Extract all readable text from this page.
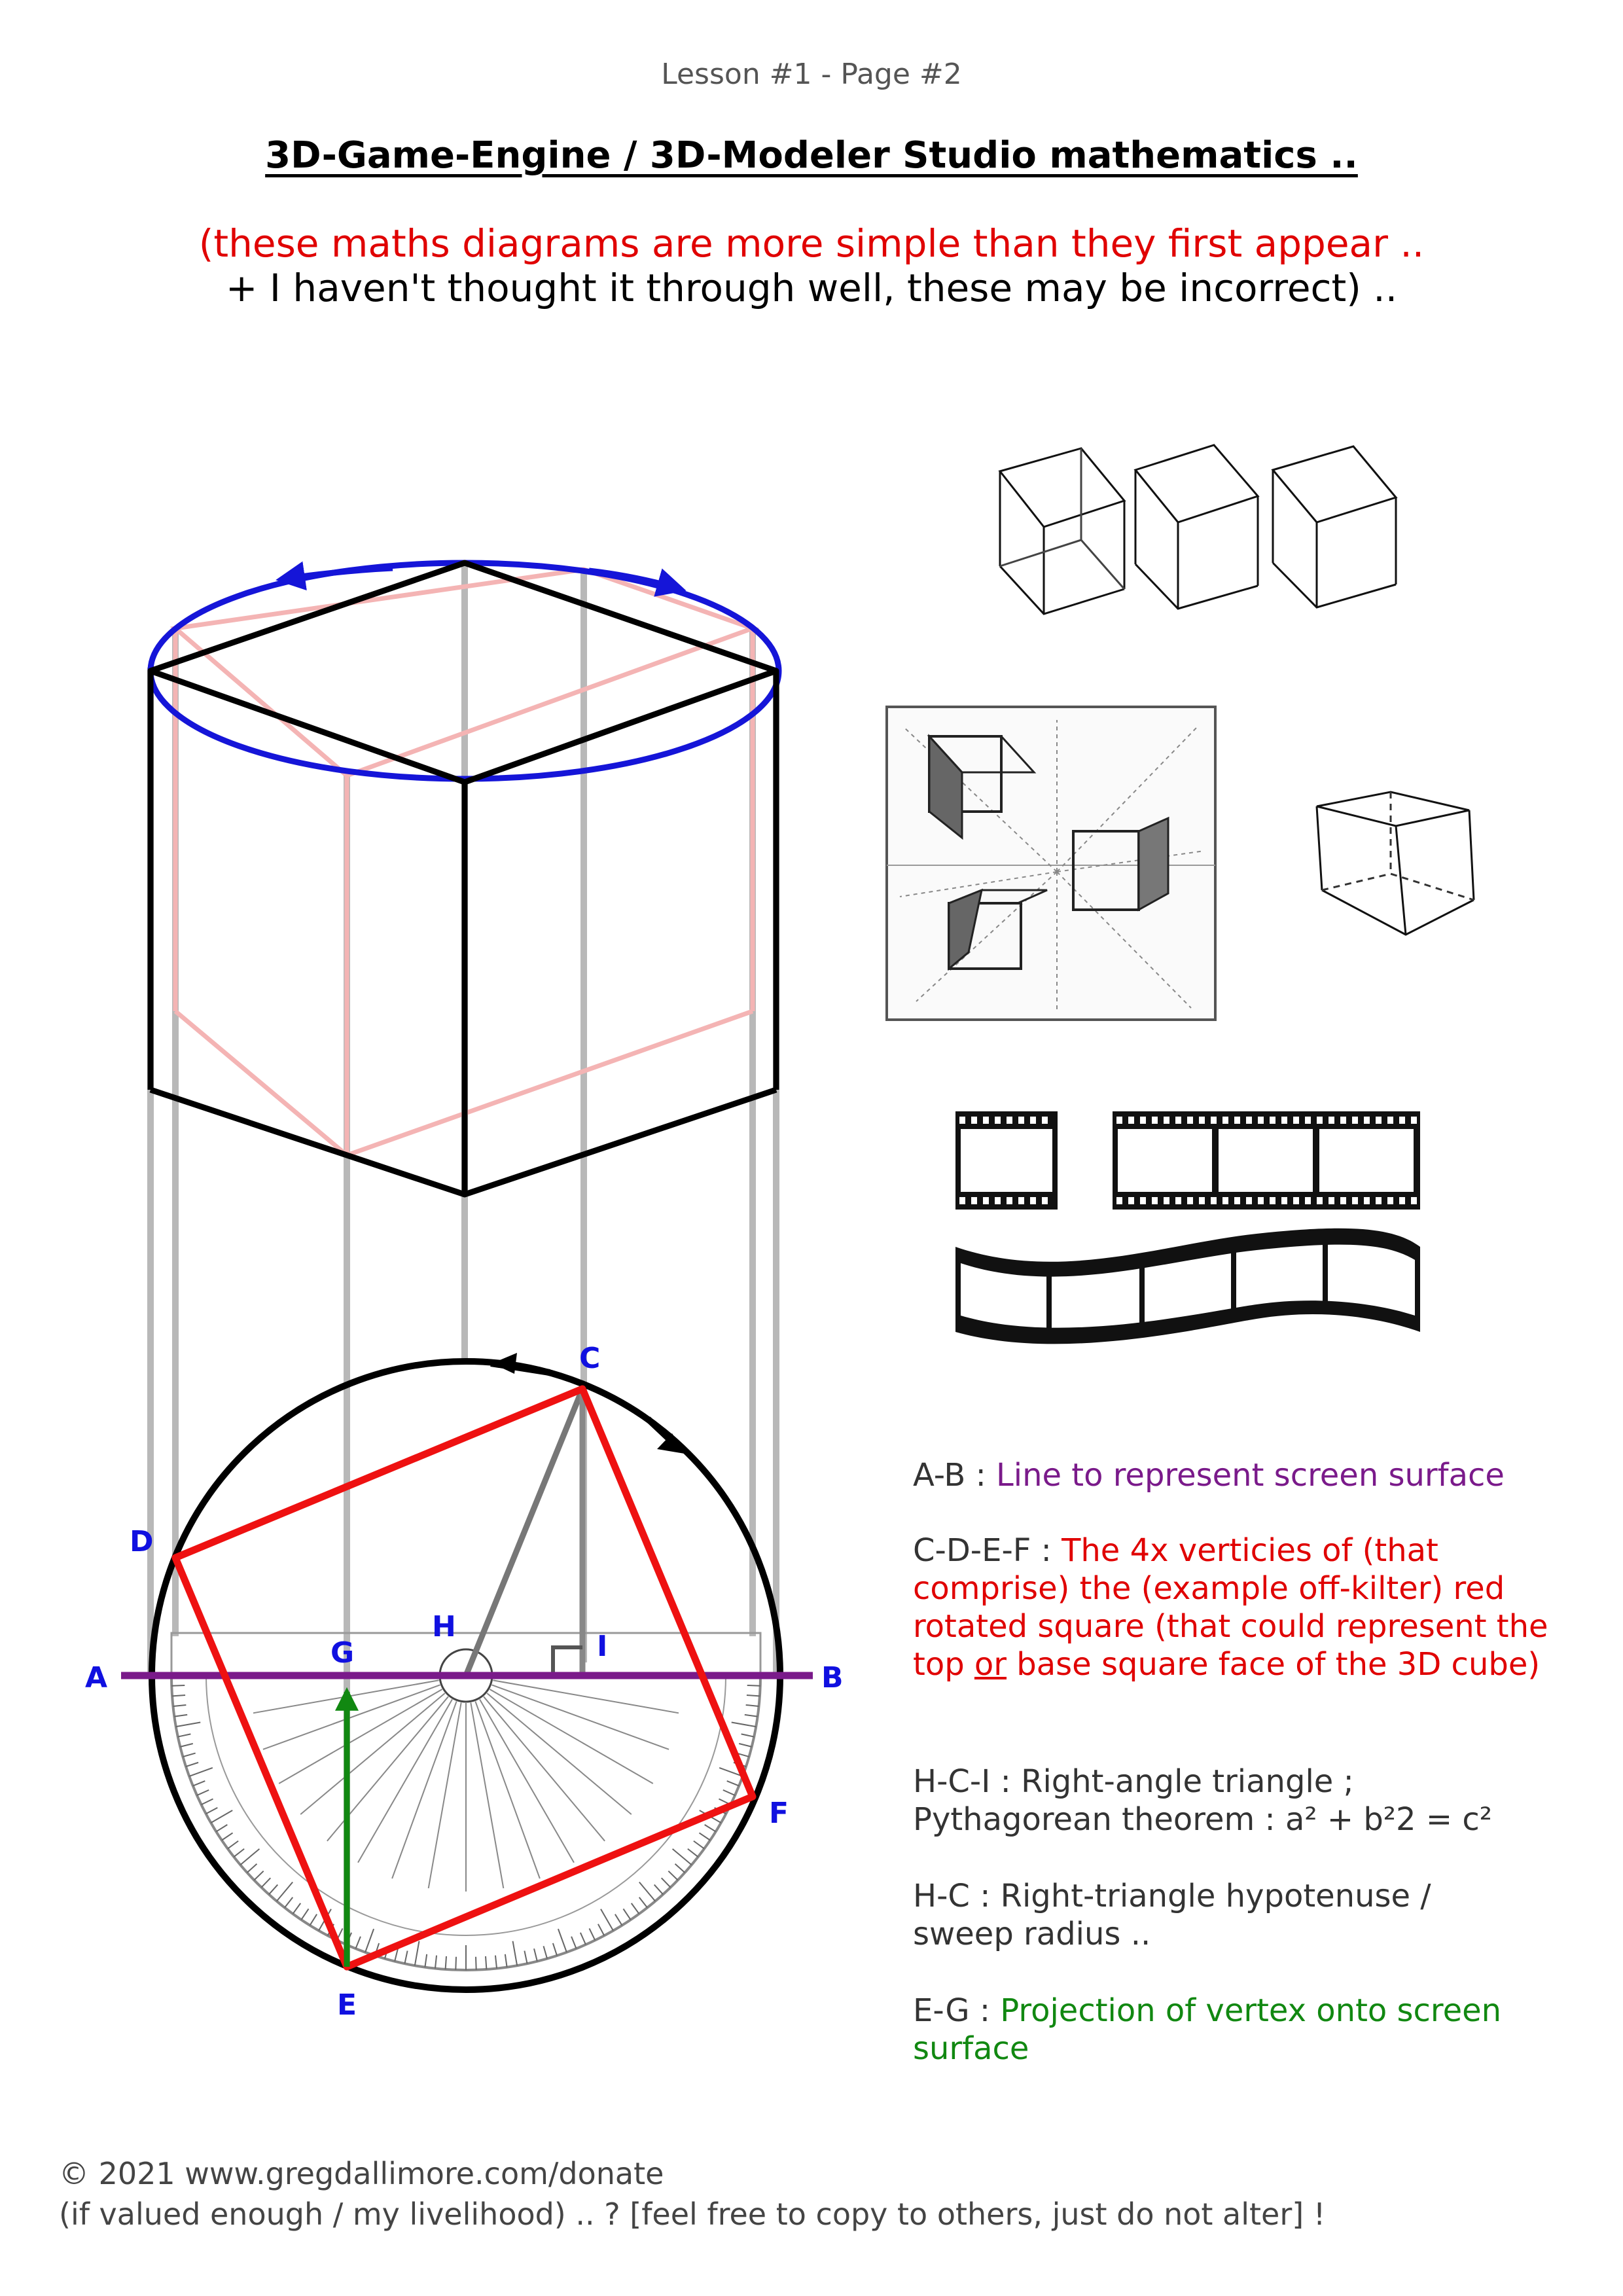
Lesson #1 - Page #2
3D-Game-Engine / 3D-Modeler Studio mathematics ..
(these maths diagrams are more simple than they first appear ..
+ I haven't thought it through well, these may be incorrect) ..
A	B
C
D
E
F
G
H
I
A-B : Line to represent screen surface
C-D-E-F : The 4x verticies of (that comprise) the (example off-kilter) red rotated square (that could represent the top or base square face of the 3D cube)
H-C-I : Right-angle triangle ;
Pythagorean theorem : a² + b²2 = c²
H-C : Right-triangle hypotenuse /
sweep radius ..
E-G : Projection of vertex onto screen surface
© 2021 www.gregdallimore.com/donate
(if valued enough / my livelihood) .. ? [feel free to copy to others, just do not alter] !
